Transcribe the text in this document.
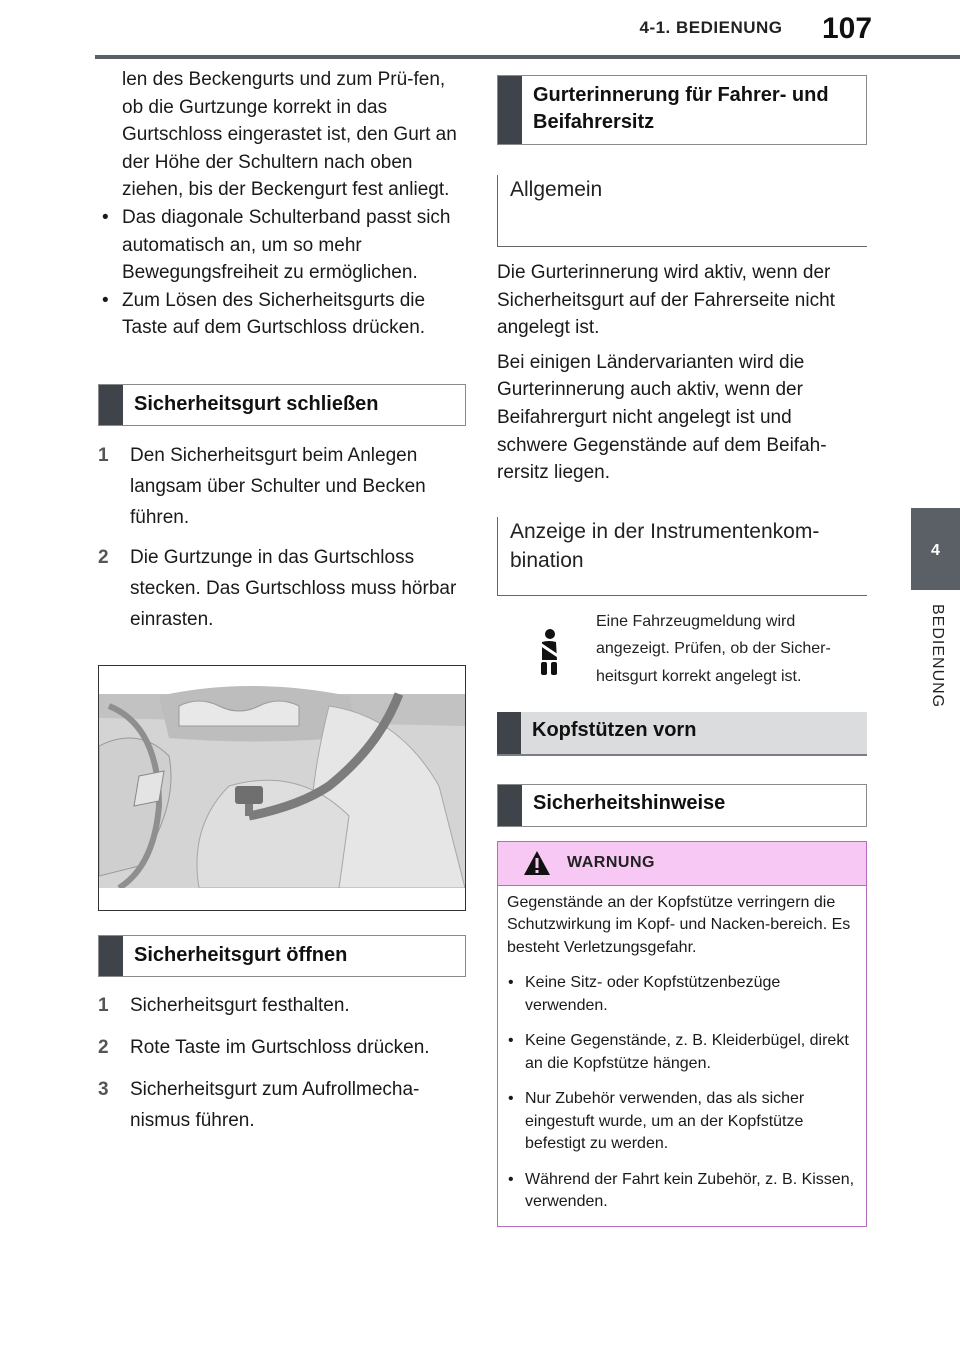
4-1. BEDIENUNG	107
4
BEDIENUNG

len des Beckengurts und zum Prü-fen, ob die Gurtzunge korrekt in das Gurtschloss eingerastet ist, den Gurt an der Höhe der Schultern nach oben ziehen, bis der Beckengurt fest anliegt.

• Das diagonale Schulterband passt sich automatisch an, um so mehr Bewegungsfreiheit zu ermöglichen.
• Zum Lösen des Sicherheitsgurts die Taste auf dem Gurtschloss drücken.
Sicherheitsgurt schließen
1 Den Sicherheitsgurt beim Anlegen langsam über Schulter und Becken führen.
2 Die Gurtzunge in das Gurtschloss stecken. Das Gurtschloss muss hörbar einrasten.
Sicherheitsgurt öffnen
1 Sicherheitsgurt festhalten.
2 Rote Taste im Gurtschloss drücken.
3 Sicherheitsgurt zum Aufrollmecha-nismus führen.
Gurterinnerung für Fahrer- und Beifahrersitz
Allgemein

Die Gurterinnerung wird aktiv, wenn der Sicherheitsgurt auf der Fahrerseite nicht angelegt ist.

Bei einigen Ländervarianten wird die Gurterinnerung auch aktiv, wenn der Beifahrergurt nicht angelegt ist und schwere Gegenstände auf dem Beifah-rersitz liegen.

Anzeige in der Instrumentenkom-bination
Eine Fahrzeugmeldung wird angezeigt. Prüfen, ob der Sicher-heitsgurt korrekt angelegt ist.
Kopfstützen vorn
Sicherheitshinweise
WARNUNG

Gegenstände an der Kopfstütze verringern die Schutzwirkung im Kopf- und Nacken-bereich. Es besteht Verletzungsgefahr.

• Keine Sitz- oder Kopfstützenbezüge verwenden.
• Keine Gegenstände, z. B. Kleiderbügel, direkt an die Kopfstütze hängen.
• Nur Zubehör verwenden, das als sicher eingestuft wurde, um an der Kopfstütze befestigt zu werden.
• Während der Fahrt kein Zubehör, z. B. Kissen, verwenden.
